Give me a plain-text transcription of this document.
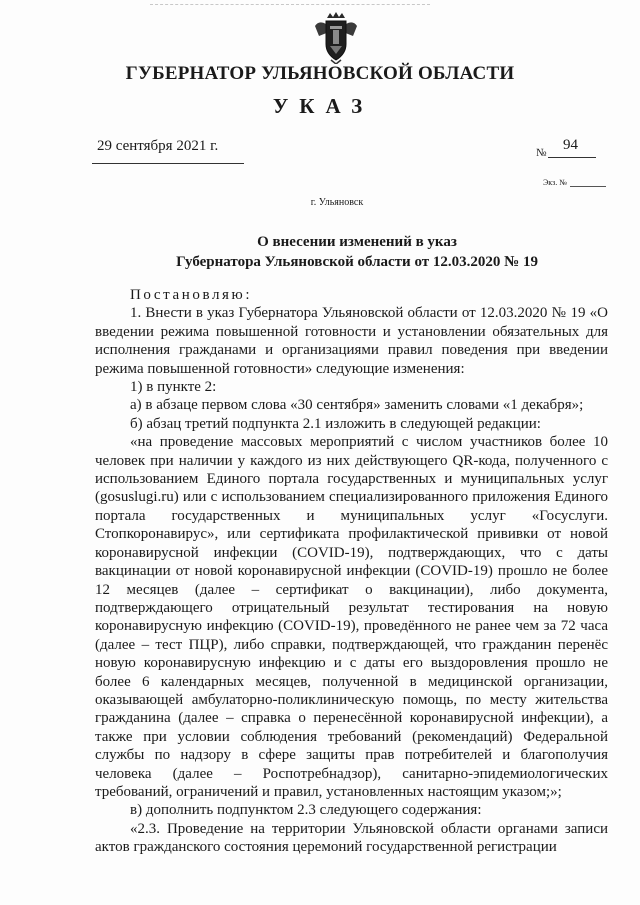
ГУБЕРНАТОР УЛЬЯНОВСКОЙ ОБЛАСТИ
УКАЗ
29 сентября 2021 г.	№ 94
Экз. №
г. Ульяновск
О внесении изменений в указ
Губернатора Ульяновской области от 12.03.2020 № 19

Постановляю:

1. Внести в указ Губернатора Ульяновской области от 12.03.2020 № 19 «О введении режима повышенной готовности и установлении обязательных для исполнения гражданами и организациями правил поведения при введении режима повышенной готовности» следующие изменения:

1) в пункте 2:

а) в абзаце первом слова «30 сентября» заменить словами «1 декабря»;

б) абзац третий подпункта 2.1 изложить в следующей редакции:

«на проведение массовых мероприятий с числом участников более 10 человек при наличии у каждого из них действующего QR-кода, полученного с использованием Единого портала государственных и муниципальных услуг (gosuslugi.ru) или с использованием специализированного приложения Единого портала государственных и муниципальных услуг «Госуслуги. Стопкоронавирус», или сертификата профилактической прививки от новой коронавирусной инфекции (COVID-19), подтверждающих, что с даты вакцинации от новой коронавирусной инфекции (COVID-19) прошло не более 12 месяцев (далее – сертификат о вакцинации), либо документа, подтверждающего отрицательный результат тестирования на новую коронавирусную инфекцию (COVID-19), проведённого не ранее чем за 72 часа (далее – тест ПЦР), либо справки, подтверждающей, что гражданин перенёс новую коронавирусную инфекцию и с даты его выздоровления прошло не более 6 календарных месяцев, полученной в медицинской организации, оказывающей амбулаторно-поликлиническую помощь, по месту жительства гражданина (далее – справка о перенесённой коронавирусной инфекции), а также при условии соблюдения требований (рекомендаций) Федеральной службы по надзору в сфере защиты прав потребителей и благополучия человека (далее – Роспотребнадзор), санитарно-эпидемиологических требований, ограничений и правил, установленных настоящим указом;»;

в) дополнить подпунктом 2.3 следующего содержания:

«2.3. Проведение на территории Ульяновской области органами записи актов гражданского состояния церемоний государственной регистрации
